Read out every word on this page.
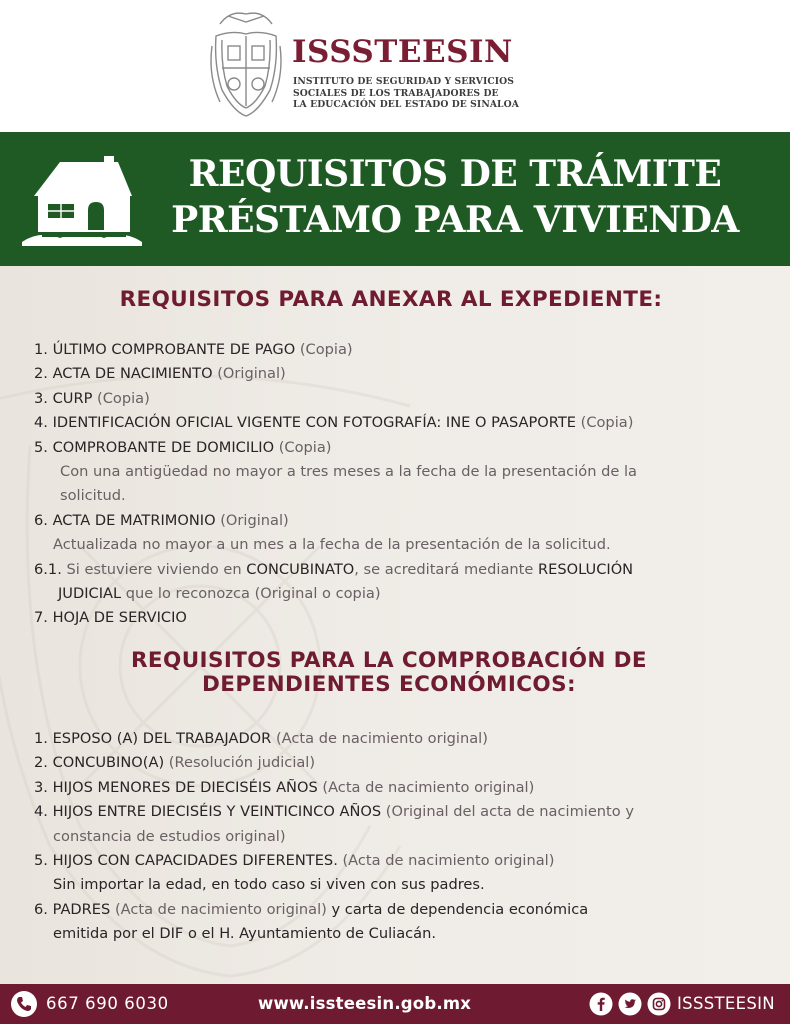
ISSSTEESIN
INSTITUTO DE SEGURIDAD Y SERVICIOS
SOCIALES DE LOS TRABAJADORES DE
LA EDUCACIÓN DEL ESTADO DE SINALOA
REQUISITOS DE TRÁMITE
PRÉSTAMO PARA VIVIENDA
REQUISITOS PARA ANEXAR AL EXPEDIENTE:
1. ÚLTIMO COMPROBANTE DE PAGO (Copia)
2. ACTA DE NACIMIENTO (Original)
3. CURP (Copia)
4. IDENTIFICACIÓN OFICIAL VIGENTE CON FOTOGRAFÍA: INE O PASAPORTE (Copia)
5. COMPROBANTE DE DOMICILIO (Copia)
Con una antigüedad no mayor a tres meses a la fecha de la presentación de la
solicitud.
6. ACTA DE MATRIMONIO (Original)
Actualizada no mayor a un mes a la fecha de la presentación de la solicitud.
6.1. Si estuviere viviendo en CONCUBINATO, se acreditará mediante RESOLUCIÓN
JUDICIAL que lo reconozca (Original o copia)
7. HOJA DE SERVICIO
REQUISITOS PARA LA COMPROBACIÓN DE
DEPENDIENTES ECONÓMICOS:
1. ESPOSO (A) DEL TRABAJADOR (Acta de nacimiento original)
2. CONCUBINO(A) (Resolución judicial)
3. HIJOS MENORES DE DIECISÉIS AÑOS (Acta de nacimiento original)
4. HIJOS ENTRE DIECISÉIS Y VEINTICINCO AÑOS (Original del acta de nacimiento y
constancia de estudios original)
5. HIJOS CON CAPACIDADES DIFERENTES. (Acta de nacimiento original)
Sin importar la edad, en todo caso si viven con sus padres.
6. PADRES (Acta de nacimiento original) y carta de dependencia económica
emitida por el DIF o el H. Ayuntamiento de Culiacán.
667 690 6030	www.issteesin.gob.mx	ISSSTEESIN
